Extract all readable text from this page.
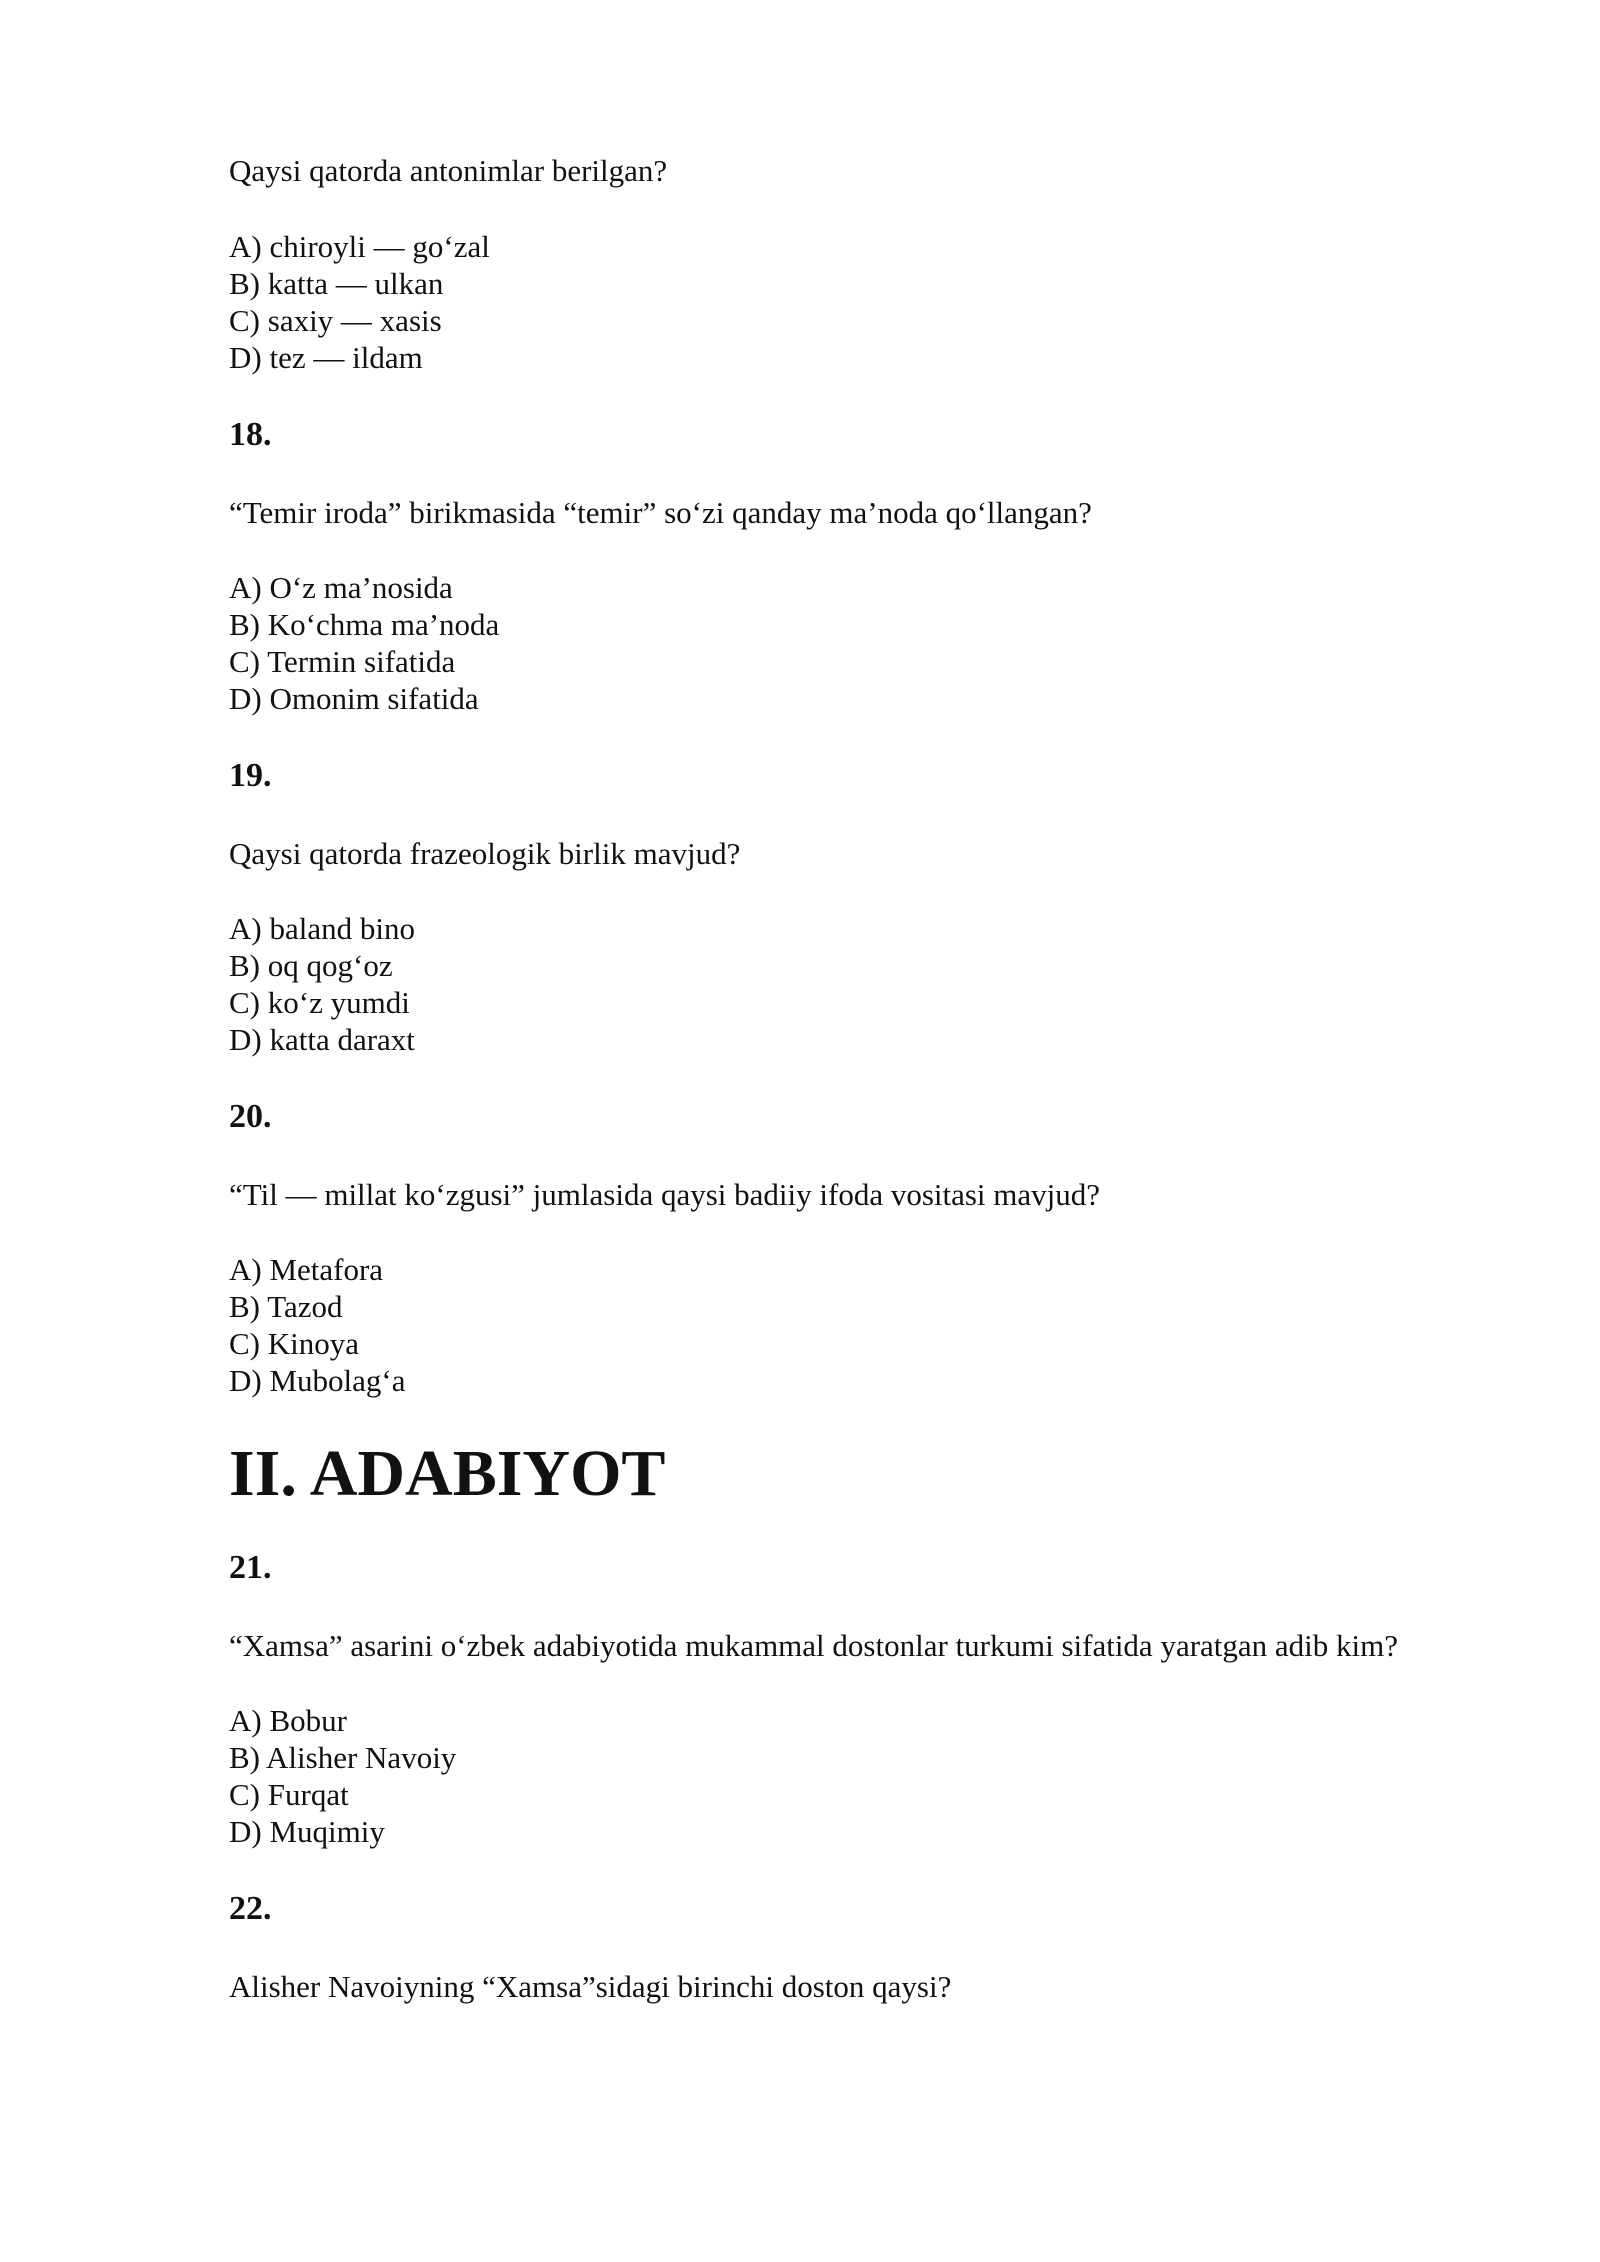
Qaysi qatorda antonimlar berilgan?

A) chiroyli — go‘zal

B) katta — ulkan

C) saxiy — xasis

D) tez — ildam

18.

“Temir iroda” birikmasida “temir” so‘zi qanday ma’noda qo‘llangan?

A) O‘z ma’nosida

B) Ko‘chma ma’noda

C) Termin sifatida

D) Omonim sifatida

19.

Qaysi qatorda frazeologik birlik mavjud?

A) baland bino

B) oq qog‘oz

C) ko‘z yumdi

D) katta daraxt

20.

“Til — millat ko‘zgusi” jumlasida qaysi badiiy ifoda vositasi mavjud?

A) Metafora

B) Tazod

C) Kinoya

D) Mubolag‘a

II. ADABIYOT

21.

“Xamsa” asarini o‘zbek adabiyotida mukammal dostonlar turkumi sifatida yaratgan adib kim?

A) Bobur

B) Alisher Navoiy

C) Furqat

D) Muqimiy

22.

Alisher Navoiyning “Xamsa”sidagi birinchi doston qaysi?
